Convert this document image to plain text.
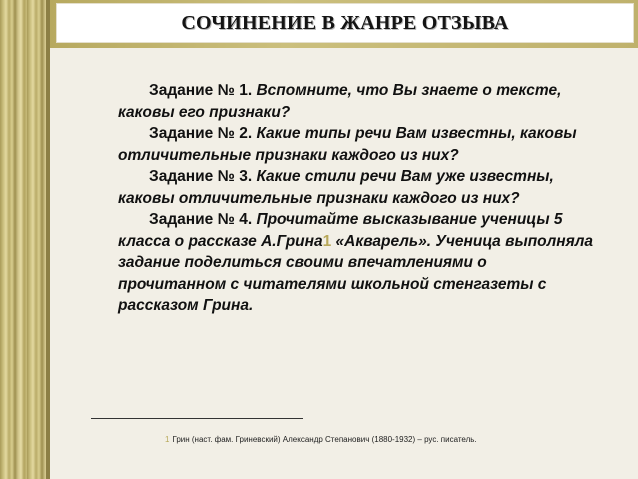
СОЧИНЕНИЕ В ЖАНРЕ ОТЗЫВА

Задание № 1. Вспомните, что Вы знаете о тексте, каковы его признаки?

Задание № 2. Какие типы речи Вам известны, каковы отличительные признаки каждого из них?

Задание № 3. Какие стили речи Вам уже известны, каковы отличительные признаки каждого из них?

Задание № 4. Прочитайте высказывание ученицы 5 класса о рассказе А.Грина1 «Акварель». Ученица выполняла задание поделиться своими впечатлениями о прочитанном с читателями школьной стенгазеты с рассказом Грина.

1 Грин (наст. фам. Гриневский) Александр Степанович (1880-1932) – рус. писатель.
